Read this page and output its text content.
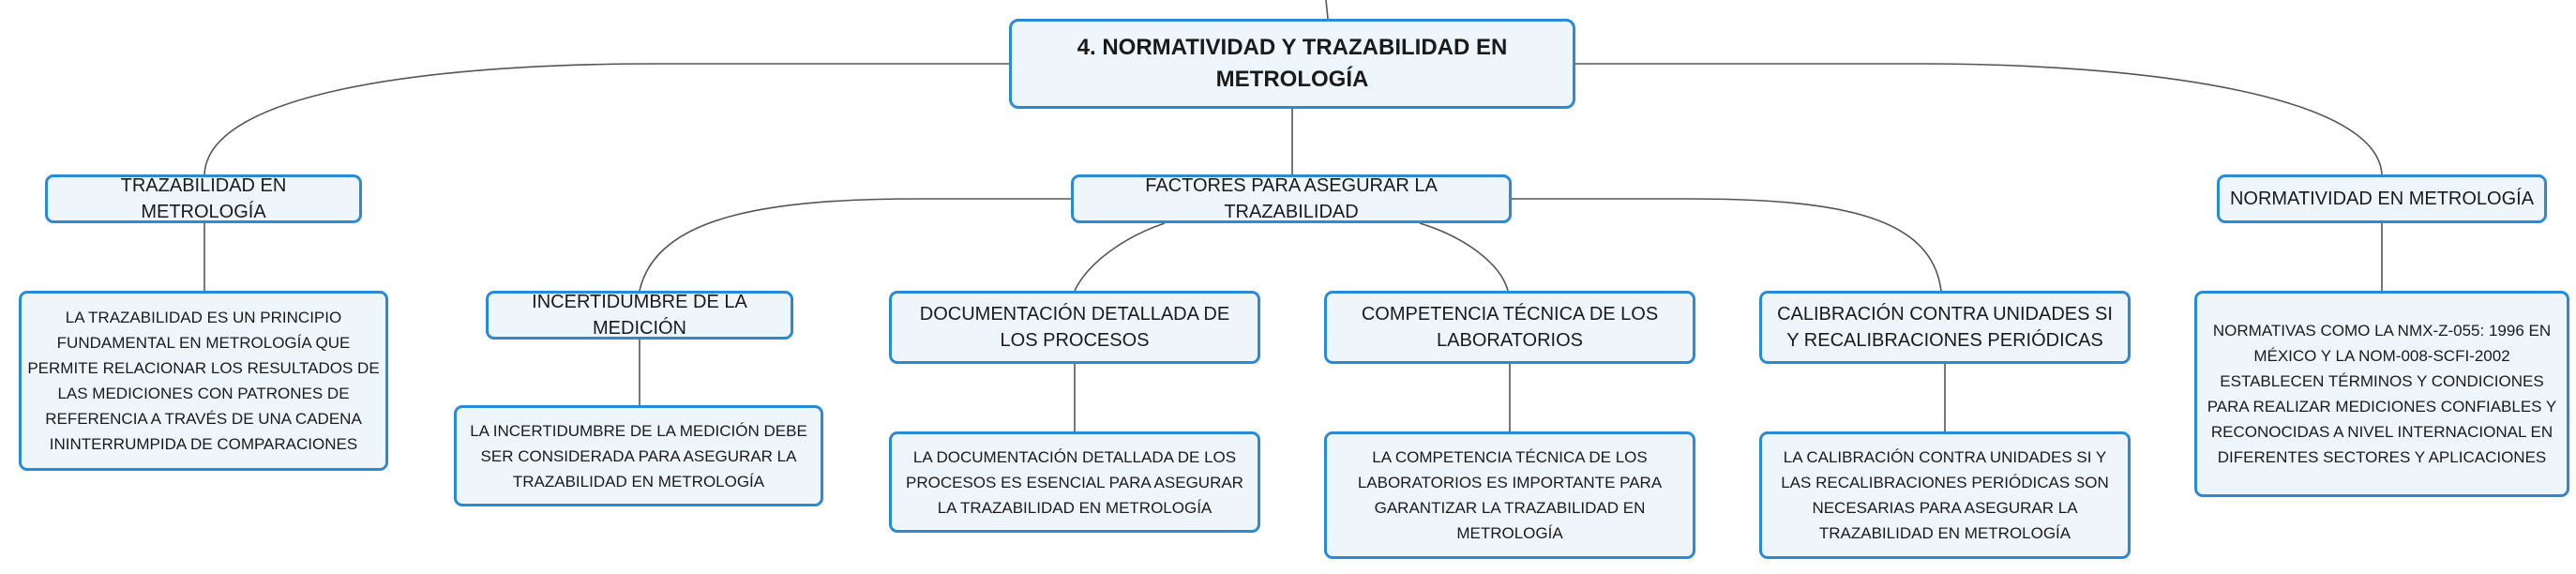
4. NORMATIVIDAD Y TRAZABILIDAD EN METROLOGÍA
TRAZABILIDAD EN METROLOGÍA
FACTORES PARA ASEGURAR LA TRAZABILIDAD
NORMATIVIDAD EN METROLOGÍA
INCERTIDUMBRE DE LA MEDICIÓN
DOCUMENTACIÓN DETALLADA DE LOS PROCESOS
COMPETENCIA TÉCNICA DE LOS LABORATORIOS
CALIBRACIÓN CONTRA UNIDADES SI Y RECALIBRACIONES PERIÓDICAS
LA TRAZABILIDAD ES UN PRINCIPIO FUNDAMENTAL EN METROLOGÍA QUE PERMITE RELACIONAR LOS RESULTADOS DE LAS MEDICIONES CON PATRONES DE REFERENCIA A TRAVÉS DE UNA CADENA ININTERRUMPIDA DE COMPARACIONES
LA INCERTIDUMBRE DE LA MEDICIÓN DEBE SER CONSIDERADA PARA ASEGURAR LA TRAZABILIDAD EN METROLOGÍA
LA DOCUMENTACIÓN DETALLADA DE LOS PROCESOS ES ESENCIAL PARA ASEGURAR LA TRAZABILIDAD EN METROLOGÍA
LA COMPETENCIA TÉCNICA DE LOS LABORATORIOS ES IMPORTANTE PARA GARANTIZAR LA TRAZABILIDAD EN METROLOGÍA
LA CALIBRACIÓN CONTRA UNIDADES SI Y LAS RECALIBRACIONES PERIÓDICAS SON NECESARIAS PARA ASEGURAR LA TRAZABILIDAD EN METROLOGÍA
NORMATIVAS COMO LA NMX-Z-055: 1996 EN MÉXICO Y LA NOM-008-SCFI-2002 ESTABLECEN TÉRMINOS Y CONDICIONES PARA REALIZAR MEDICIONES CONFIABLES Y RECONOCIDAS A NIVEL INTERNACIONAL EN DIFERENTES SECTORES Y APLICACIONES
